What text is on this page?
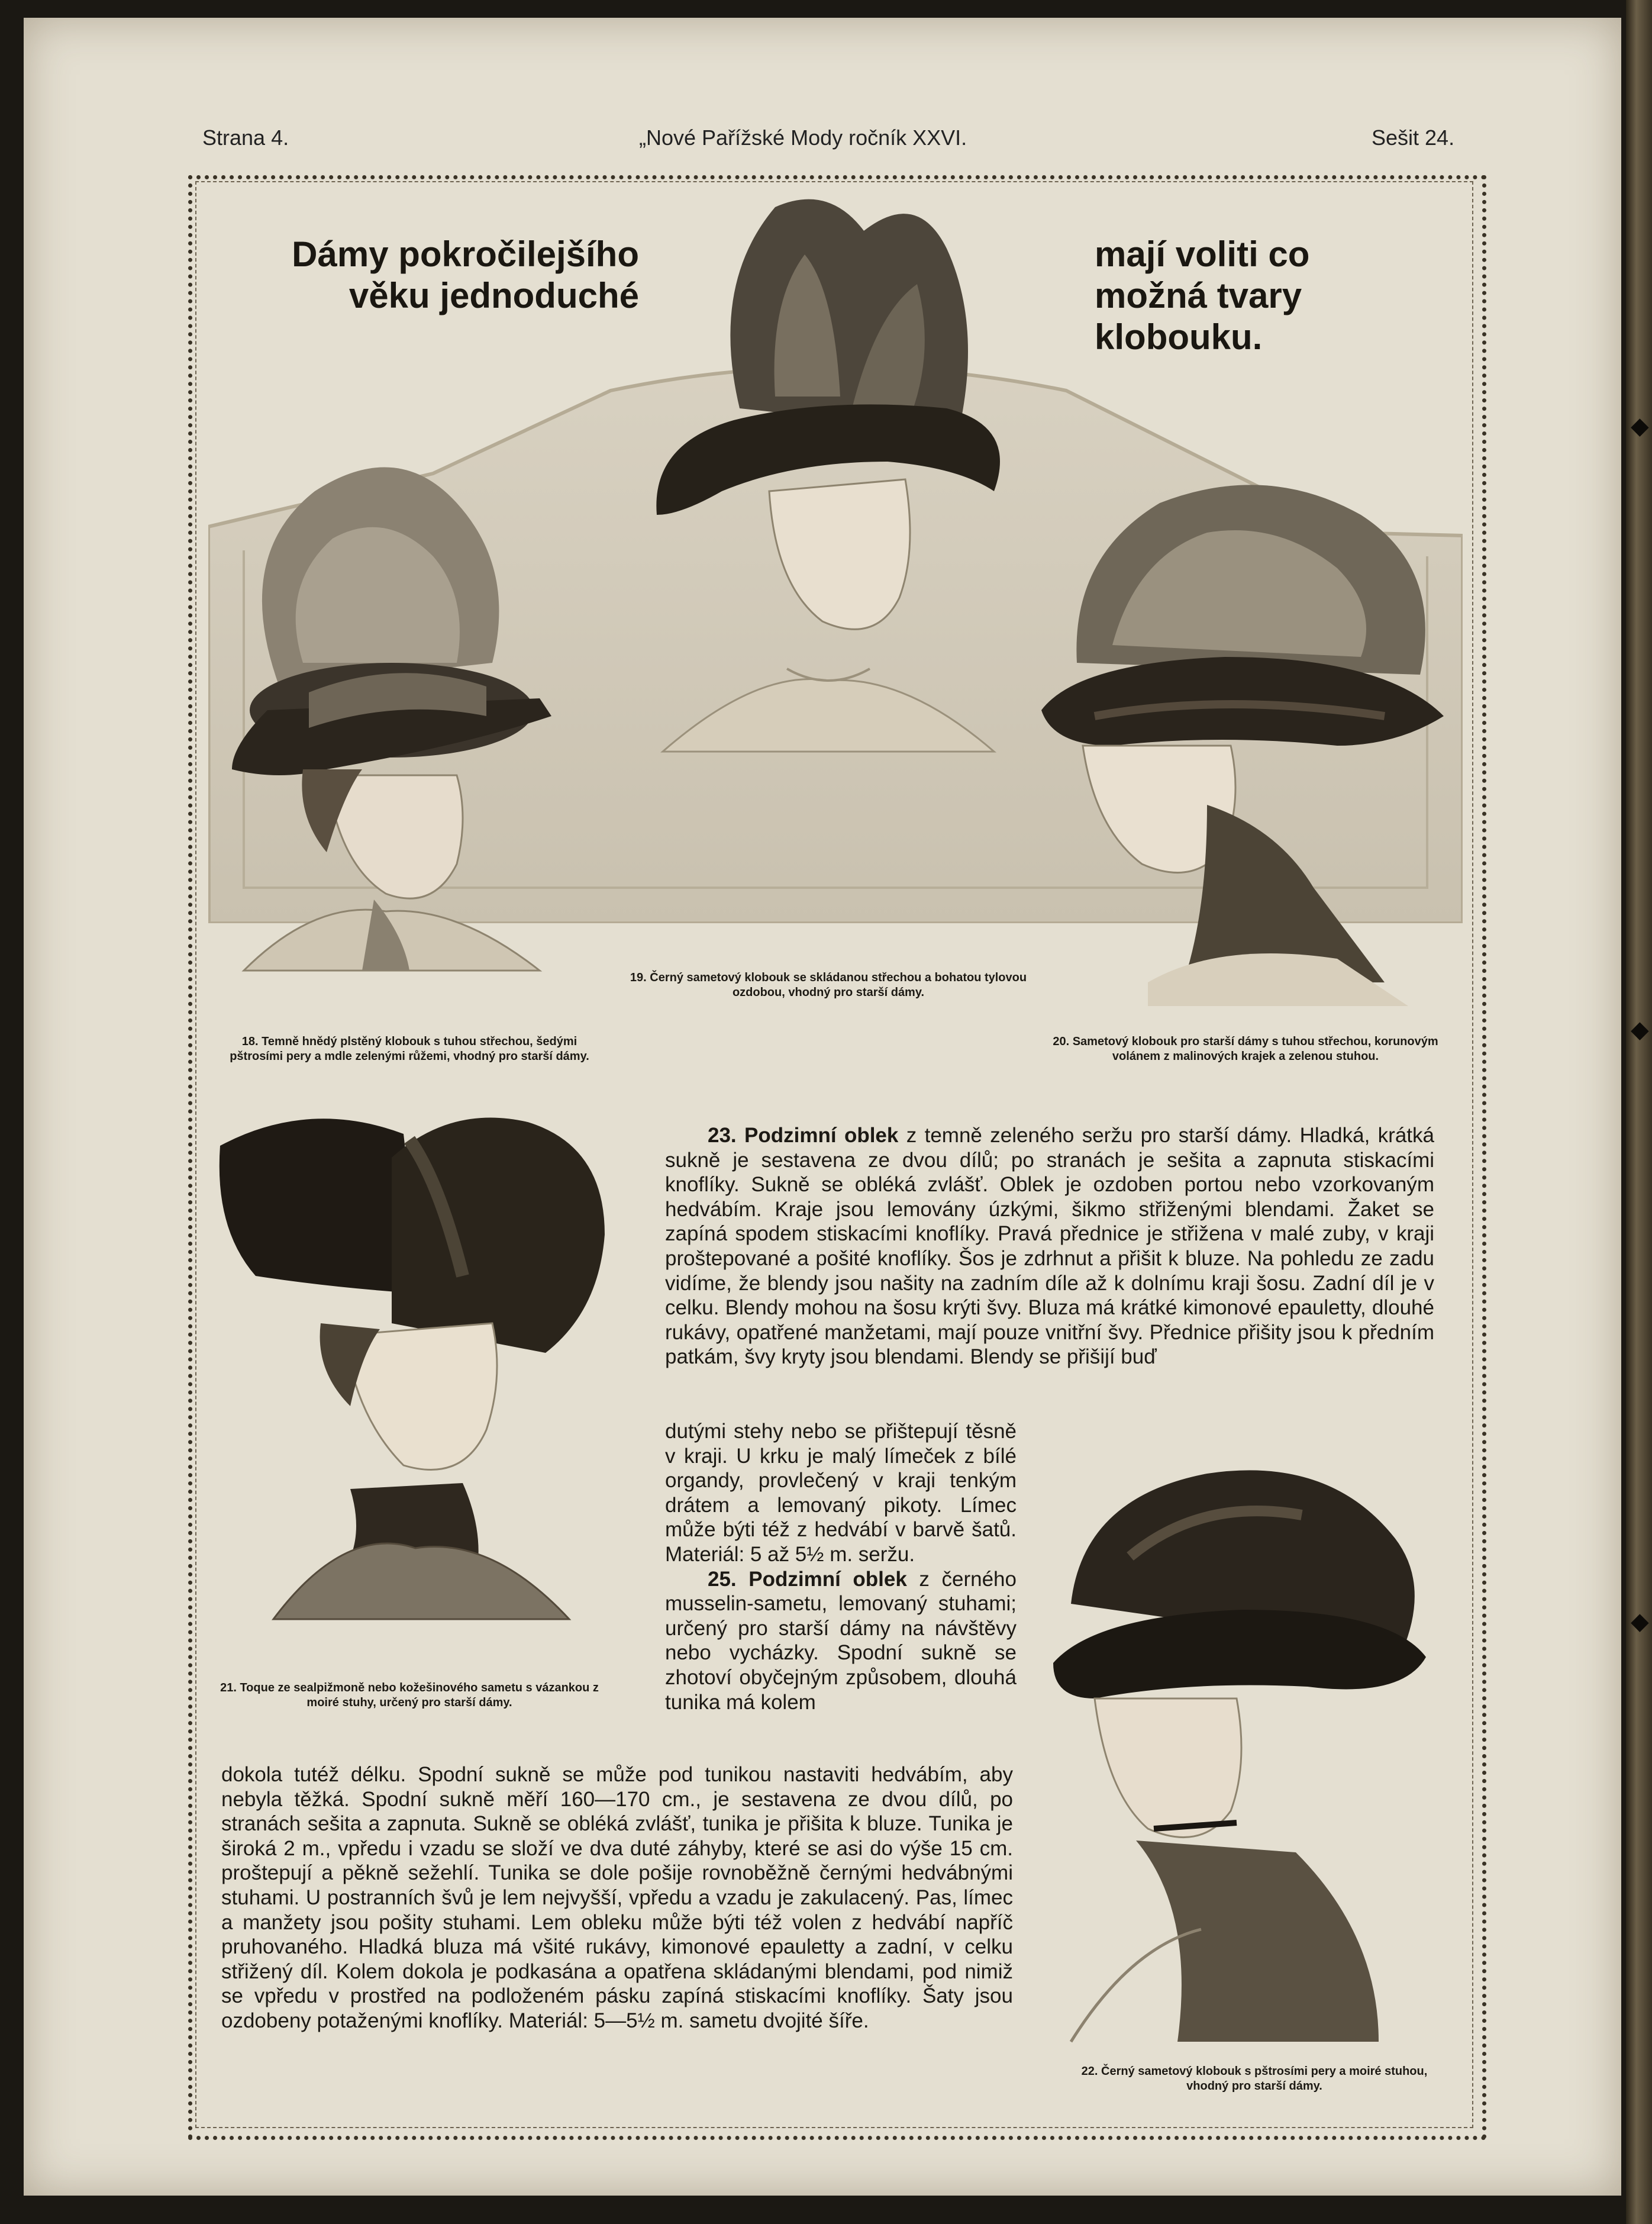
◆
◆
◆
Strana 4.	„Nové Pařížské Mody ročník XXVI.	Sešit 24.
Dámy pokročilejšího věku jednoduché
mají voliti co možná tvary klobouku.
18. Temně hnědý plstěný klobouk s tuhou střechou, šedými pštrosími pery a mdle zelenými růžemi, vhodný pro starší dámy.
19. Černý sametový klobouk se skládanou střechou a bohatou tylovou ozdobou, vhodný pro starší dámy.
20. Sametový klobouk pro starší dámy s tuhou střechou, korunovým volánem z malinových krajek a zelenou stuhou.
21. Toque ze sealpižmoně nebo kožešinového sametu s vázankou z moiré stuhy, určený pro starší dámy.
22. Černý sametový klobouk s pštrosími pery a moiré stuhou, vhodný pro starší dámy.

23. Podzimní oblek z temně zeleného seržu pro starší dámy. Hladká, krátká sukně je sestavena ze dvou dílů; po stranách je sešita a zapnuta stiskacími knoflíky. Sukně se obléká zvlášť. Oblek je ozdoben portou nebo vzorkovaným hedvábím. Kraje jsou lemovány úzkými, šikmo střiženými blendami. Žaket se zapíná spodem stiskacími knoflíky. Pravá přednice je střižena v malé zuby, v kraji proštepované a pošité knoflíky. Šos je zdrhnut a přišit k bluze. Na pohledu ze zadu vidíme, že blendy jsou našity na zadním díle až k dolnímu kraji šosu. Zadní díl je v celku. Blendy mohou na šosu krýti švy. Bluza má krátké kimonové epauletty, dlouhé rukávy, opatřené manžetami, mají pouze vnitřní švy. Přednice přišity jsou k předním patkám, švy kryty jsou blendami. Blendy se přišijí buď

dutými stehy nebo se přištepují těsně v kraji. U krku je malý límeček z bílé organdy, provlečený v kraji tenkým drátem a lemovaný pikoty. Límec může býti též z hedvábí v barvě šatů. Materiál: 5 až 5½ m. seržu.

25. Podzimní oblek z černého musselin-sametu, lemovaný stuhami; určený pro starší dámy na návštěvy nebo vycházky. Spodní sukně se zhotoví obyčejným způsobem, dlouhá tunika má kolem

dokola tutéž délku. Spodní sukně se může pod tunikou nastaviti hedvábím, aby nebyla těžká. Spodní sukně měří 160—170 cm., je sestavena ze dvou dílů, po stranách sešita a zapnuta. Sukně se obléká zvlášť, tunika je přišita k bluze. Tunika je široká 2 m., vpředu i vzadu se složí ve dva duté záhyby, které se asi do výše 15 cm. proštepují a pěkně sežehlí. Tunika se dole pošije rovnoběžně černými hedvábnými stuhami. U postranních švů je lem nejvyšší, vpředu a vzadu je zakulacený. Pas, límec a manžety jsou pošity stuhami. Lem obleku může býti též volen z hedvábí napříč pruhovaného. Hladká bluza má všité rukávy, kimonové epauletty a zadní, v celku střižený díl. Kolem dokola je podkasána a opatřena skládanými blendami, pod nimiž se vpředu v prostřed na podloženém pásku zapíná stiskacími knoflíky. Šaty jsou ozdobeny potaženými knoflíky. Materiál: 5—5½ m. sametu dvojité šíře.
